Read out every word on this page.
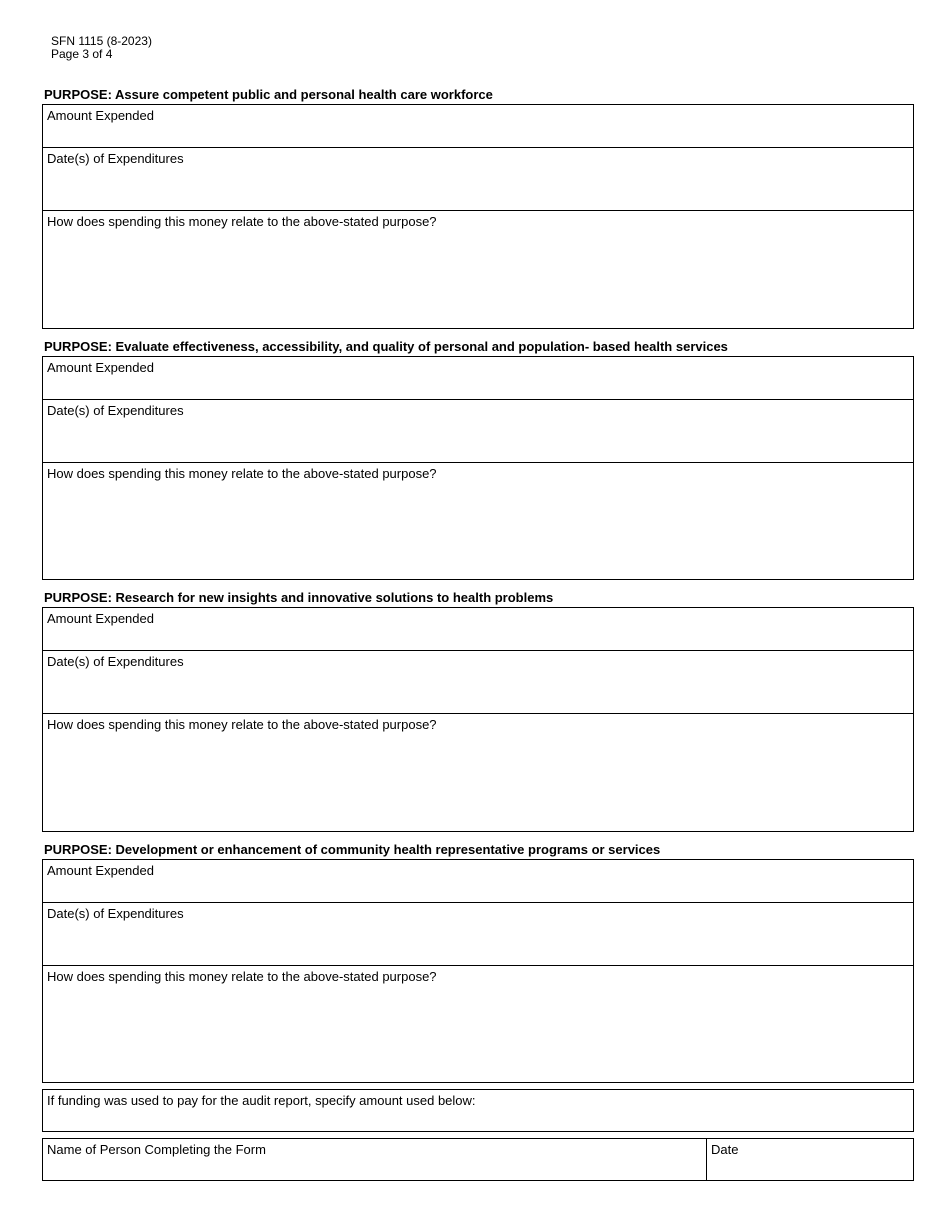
SFN 1115 (8-2023)
Page 3 of 4
PURPOSE: Assure competent public and personal health care workforce
Amount Expended
Date(s) of Expenditures
How does spending this money relate to the above-stated purpose?
PURPOSE: Evaluate effectiveness, accessibility, and quality of personal and population- based health services
Amount Expended
Date(s) of Expenditures
How does spending this money relate to the above-stated purpose?
PURPOSE: Research for new insights and innovative solutions to health problems
Amount Expended
Date(s) of Expenditures
How does spending this money relate to the above-stated purpose?
PURPOSE: Development or enhancement of community health representative programs or services
Amount Expended
Date(s) of Expenditures
How does spending this money relate to the above-stated purpose?
If funding was used to pay for the audit report, specify amount used below:
Name of Person Completing the Form	Date
